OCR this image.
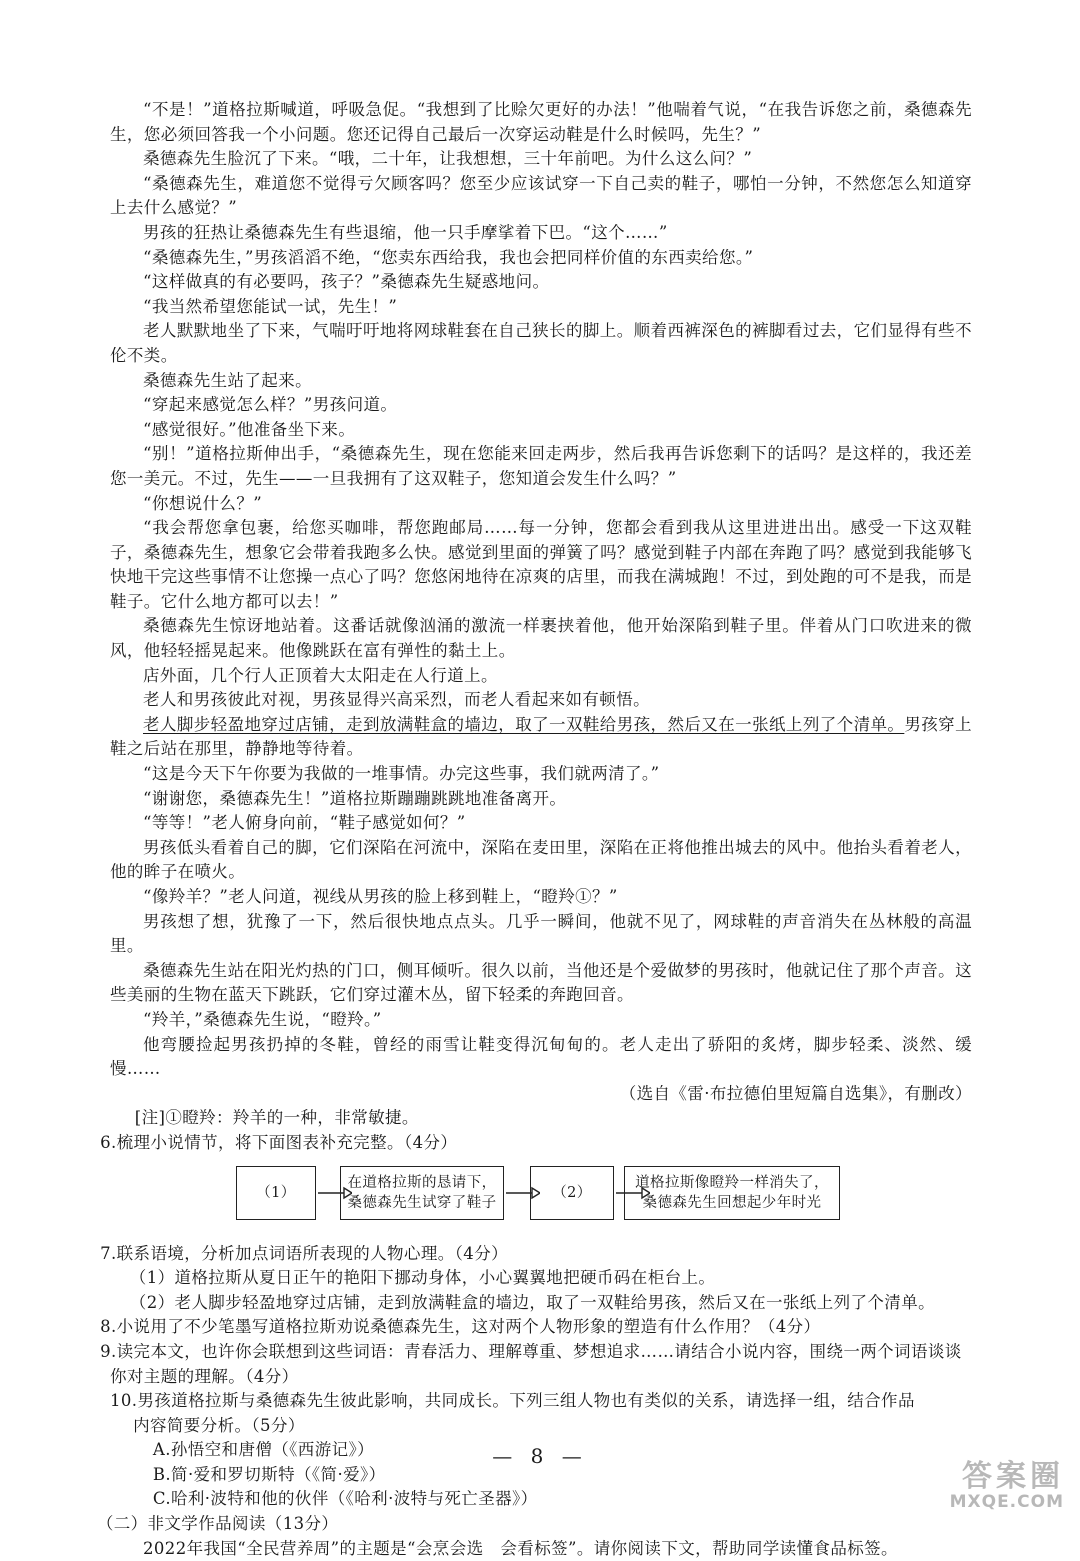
“不是！”道格拉斯喊道，呼吸急促。“我想到了比赊欠更好的办法！”他喘着气说，“在我告诉您之前，桑德森先生，您必须回答我一个小问题。您还记得自己最后一次穿运动鞋是什么时候吗，先生？”

桑德森先生脸沉了下来。“哦，二十年，让我想想，三十年前吧。为什么这么问？”

“桑德森先生，难道您不觉得亏欠顾客吗？您至少应该试穿一下自己卖的鞋子，哪怕一分钟，不然您怎么知道穿上去什么感觉？”

男孩的狂热让桑德森先生有些退缩，他一只手摩挲着下巴。“这个……”

“桑德森先生，”男孩滔滔不绝，“您卖东西给我，我也会把同样价值的东西卖给您。”

“这样做真的有必要吗，孩子？”桑德森先生疑惑地问。

“我当然希望您能试一试，先生！”

老人默默地坐了下来，气喘吁吁地将网球鞋套在自己狭长的脚上。顺着西裤深色的裤脚看过去，它们显得有些不伦不类。

桑德森先生站了起来。

“穿起来感觉怎么样？”男孩问道。

“感觉很好。”他准备坐下来。

“别！”道格拉斯伸出手，“桑德森先生，现在您能来回走两步，然后我再告诉您剩下的话吗？是这样的，我还差您一美元。不过，先生——一旦我拥有了这双鞋子，您知道会发生什么吗？”

“你想说什么？”

“我会帮您拿包裹，给您买咖啡，帮您跑邮局……每一分钟，您都会看到我从这里进进出出。感受一下这双鞋子，桑德森先生，想象它会带着我跑多么快。感觉到里面的弹簧了吗？感觉到鞋子内部在奔跑了吗？感觉到我能够飞快地干完这些事情不让您操一点心了吗？您悠闲地待在凉爽的店里，而我在满城跑！不过，到处跑的可不是我，而是鞋子。它什么地方都可以去！”

桑德森先生惊讶地站着。这番话就像汹涌的激流一样裹挟着他，他开始深陷到鞋子里。伴着从门口吹进来的微风，他轻轻摇晃起来。他像跳跃在富有弹性的黏土上。

店外面，几个行人正顶着大太阳走在人行道上。

老人和男孩彼此对视，男孩显得兴高采烈，而老人看起来如有顿悟。

老人脚步轻盈地穿过店铺，走到放满鞋盒的墙边，取了一双鞋给男孩，然后又在一张纸上列了个清单。男孩穿上鞋之后站在那里，静静地等待着。

“这是今天下午你要为我做的一堆事情。办完这些事，我们就两清了。”

“谢谢您，桑德森先生！”道格拉斯蹦蹦跳跳地准备离开。

“等等！”老人俯身向前，“鞋子感觉如何？”

男孩低头看着自己的脚，它们深陷在河流中，深陷在麦田里，深陷在正将他推出城去的风中。他抬头看着老人，他的眸子在喷火。

“像羚羊？”老人问道，视线从男孩的脸上移到鞋上，“瞪羚①？”

男孩想了想，犹豫了一下，然后很快地点点头。几乎一瞬间，他就不见了，网球鞋的声音消失在丛林般的高温里。

桑德森先生站在阳光灼热的门口，侧耳倾听。很久以前，当他还是个爱做梦的男孩时，他就记住了那个声音。这些美丽的生物在蓝天下跳跃，它们穿过灌木丛，留下轻柔的奔跑回音。

“羚羊，”桑德森先生说，“瞪羚。”

他弯腰捡起男孩扔掉的冬鞋，曾经的雨雪让鞋变得沉甸甸的。老人走出了骄阳的炙烤，脚步轻柔、淡然、缓慢……

（选自《雷·布拉德伯里短篇自选集》，有删改）

[注]①瞪羚：羚羊的一种，非常敏捷。

6.梳理小说情节，将下面图表补充完整。（4分）

（1）
在道格拉斯的恳请下，桑德森先生试穿了鞋子
（2）
道格拉斯像瞪羚一样消失了，桑德森先生回想起少年时光

7.联系语境，分析加点词语所表现的人物心理。（4分）

（1）道格拉斯从夏日正午的艳阳下挪动身体，小心翼翼地把硬币码在柜台上。

（2）老人脚步轻盈地穿过店铺，走到放满鞋盒的墙边，取了一双鞋给男孩，然后又在一张纸上列了个清单。

8.小说用了不少笔墨写道格拉斯劝说桑德森先生，这对两个人物形象的塑造有什么作用？（4分）

9.读完本文，也许你会联想到这些词语：青春活力、理解尊重、梦想追求……请结合小说内容，围绕一两个词语谈谈你对主题的理解。（4分）

10.男孩道格拉斯与桑德森先生彼此影响，共同成长。下列三组人物也有类似的关系，请选择一组，结合作品
内容简要分析。（5分）

A.孙悟空和唐僧（《西游记》）

B.简·爱和罗切斯特（《简·爱》）

C.哈利·波特和他的伙伴（《哈利·波特与死亡圣器》）

（二）非文学作品阅读（13分）

2022年我国“全民营养周”的主题是“会烹会选　会看标签”。请你阅读下文，帮助同学读懂食品标签。

— 8 —
答案圈
MXQE.COM
